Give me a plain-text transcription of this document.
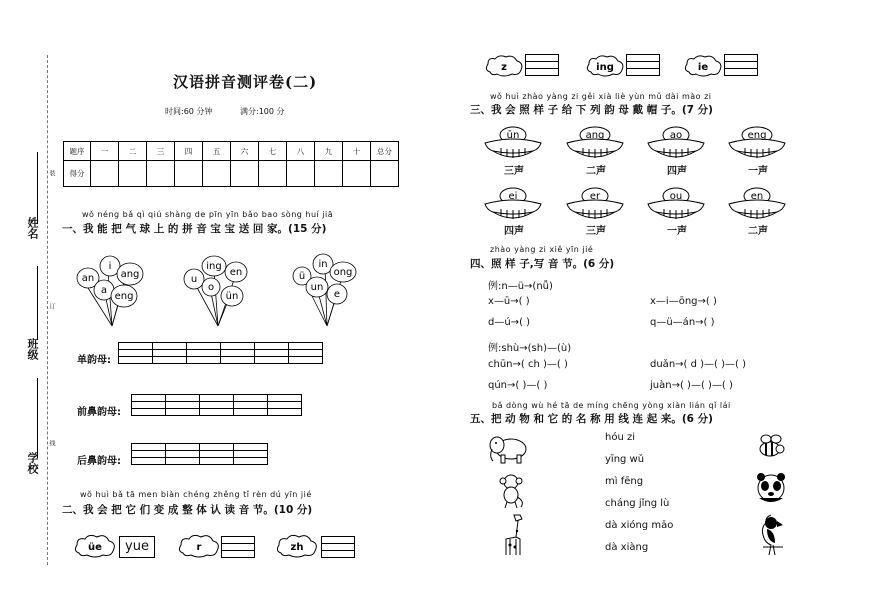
姓名
班级
学校
装
订
线
汉语拼音测评卷(二)
时间:60 分钟	满分:100 分
题序	一	二	三	四	五	六	七	八	九	十	总分
得分											
wǒ néng bǎ qì qiú shàng de pīn yīn bǎo bao sòng huí jiā
一、我 能 把 气 球 上 的 拼 音 宝 宝 送 回 家。(15 分)
an
i
ang
a
eng
ing
en
u
o
ün
in
ü	ong
un
e
单韵母:

前鼻韵母:

后鼻韵母:

wǒ huì bǎ tā men biàn chéng zhěng tǐ rèn dú yīn jié
二、我 会 把 它 们 变 成 整 体 认 读 音 节。(10 分)
üe	yue	r	zh
z	ing	ie
wǒ huì zhào yàng zi gěi xià liè yùn mǔ dài mào zi
三、我 会 照 样 子 给 下 列 韵 母 戴 帽 子。(7 分)
ūn
三声
ang
二声
ao
四声
eng
一声
ei
四声
er
三声
ou
一声
en
二声
zhào yàng zi xiě yīn jié
四、照 样 子,写 音 节。(6 分)
例:n—ü→(nǚ)
x—ū→( )	x—i—ōng→( )
d—ú→( )	q—ü—án→( )
例:shù→(sh)—(ù)
chūn→( ch )—( )	duǎn→( d )—( )—( )
qún→( )—( )	juàn→( )—( )—( )
bǎ dòng wù hé tā de míng chēng yòng xiàn lián qǐ lái
五、把 动 物 和 它 的 名 称 用 线 连 起 来。(6 分)
hóu zi
yīng wǔ
mì fēng
cháng jǐng lù
dà xióng māo
dà xiàng
